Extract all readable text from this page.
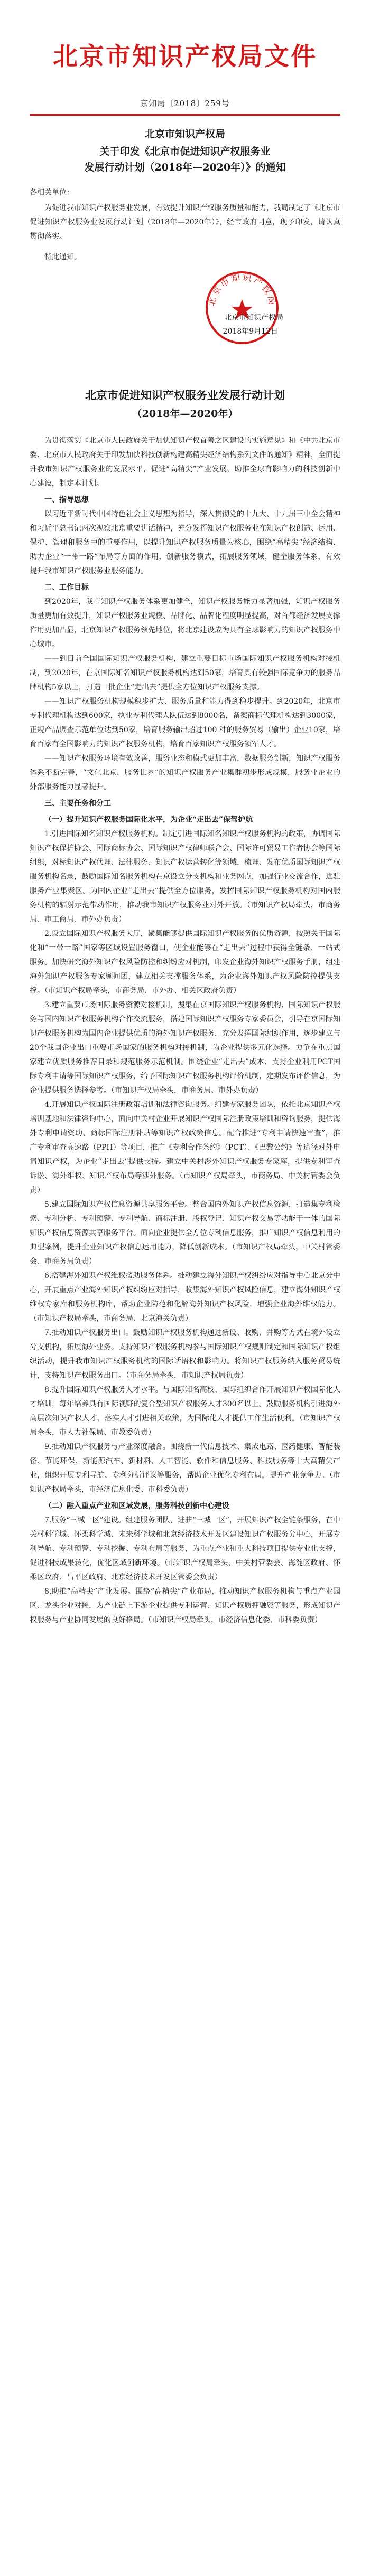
北京市知识产权局文件
京知局〔2018〕259号
北京市知识产权局
关于印发《北京市促进知识产权服务业
发展行动计划（2018年—2020年）》的通知
各相关单位：

为促进我市知识产权服务业发展，有效提升知识产权服务质量和能力，我局制定了《北京市促进知识产权服务业发展行动计划（2018年—2020年）》，经市政府同意，现予印发，请认真贯彻落实。

特此通知。

北京市知识产权局
北京市知识产权局
2018年9月12日
北京市促进知识产权服务业发展行动计划
（2018年—2020年）

为贯彻落实《北京市人民政府关于加快知识产权首善之区建设的实施意见》和《中共北京市委、北京市人民政府关于印发加快科技创新构建高精尖经济结构系列文件的通知》精神，全面提升我市知识产权服务业的发展水平，促进“高精尖”产业发展，助推全球有影响力的科技创新中心建设，制定本计划。

一、指导思想

以习近平新时代中国特色社会主义思想为指导，深入贯彻党的十九大、十九届三中全会精神和习近平总书记两次视察北京重要讲话精神，充分发挥知识产权服务业在知识产权创造、运用、保护、管理和服务中的重要作用，以提升知识产权服务质量为核心，围绕“高精尖”经济结构、助力企业“一带一路”布局等方面的作用，创新服务模式，拓展服务领域，健全服务体系，有效提升我市知识产权服务业服务能力。

二、工作目标

到2020年，我市知识产权服务体系更加健全，知识产权服务能力显著加强，知识产权服务质量更加有效提升，知识产权服务业规模、品牌化、品牌化程度明显提高，对首都经济发展支撑作用更加凸显，北京知识产权服务领先地位，将北京建设成为具有全球影响力的知识产权服务中心城市。

——到目前全国国际知识产权服务机构，建立重要目标市场国际知识产权服务机构对接机制，到2020年，在京国际知名知识产权服务机构达到50家，培育具有较强国际竞争力的服务品牌机构5家以上，打造一批企业“走出去”提供全方位知识产权服务支撑。

——知识产权服务机构规模稳步扩大、服务质量和能力得到稳步提升。到2020年，北京市专利代理机构达到600家，执业专利代理人队伍达到8000名，备案商标代理机构达到3000家，正规产品调查示范单位达到50家，培育服务输出超过100 种的服务贸易（输出）企业10家，培育百家有全国影响力的知识产权服务机构，培育百家知识产权服务领军人才。

——知识产权服务环境有效改善，服务业态和模式更加丰富，数据服务创新，知识产权服务体系不断完善，“文化北京，服务世界”的知识产权服务产业集群初步形成规模，服务业企业的外部服务能力显著提升。

三、主要任务和分工
（一）提升知识产权服务国际化水平，为企业“走出去”保驾护航

1.引进国际知名知识产权服务机构。制定引进国际知名知识产权服务机构的政策，协调国际知识产权保护协会、国际商标协会、国际知识产权律师联合会、国际许可贸易工作者协会等国际组织，对标知识产权代理、法律服务、知识产权运营转化等领域，梳理、发布优质国际知识产权服务机构名录，鼓励国际知名服务机构在京设立分支机构和业务网点，加强行业交流合作，进驻服务产业集聚区。为国内企业“走出去”提供全方位服务，发挥国际知识产权服务机构对国内服务机构的辐射示范带动作用，推动我市知识产权服务业对外开放。（市知识产权局牵头，市商务局、市工商局、市外办负责）

2.设立国际知识产权服务大厅，聚集能够提供国际知识产权服务的优质资源，按照关于国际化和“一带一路”国家等区域设置服务窗口，使企业能够在“走出去”过程中获得全链条、一站式服务。加快研究海外知识产权风险防控和纠纷应对机制，印发企业海外知识产权服务手册，组建海外知识产权服务专家顾问团，建立相关支撑服务体系，为企业海外知识产权风险防控提供支撑。（市知识产权局牵头，市商务局、市外办、相关区政府负责）

3.建立重要市场国际服务资源对接机制，搜集在京国际知识产权服务机构、国际知识产权服务与国内知识产权服务机构合作交流服务，搭建国际知识产权服务专家委员会，引导在京国际知识产权服务机构为国内企业提供优质的海外知识产权服务，充分发挥国际组织作用，逐步建立与20个我国企业出口重要市场国家的服务机构对接机制，为企业提供多元化选择。力争在重点国家建立优质服务推荐目录和规范服务示范机制。围绕企业“走出去”成本、支持企业利用PCT国际专利申请等国际知识产权服务，给予国际知识产权服务机构评价机制，定期发布评价信息，为企业提供服务选择参考。（市知识产权局牵头，市商务局、市外办负责）

4.开展知识产权国际注册政策培训和法律咨询服务。组建专家服务团队，依托北京知识产权培训基地和法律咨询中心，面向中关村企业开展知识产权国际注册政策培训和咨询服务，提供海外专利申请资助、商标国际注册补贴等知识产权政策信息。配合推进“专利申请快速审查”，推广专利审查高速路（PPH）等项目，推广《专利合作条约》（PCT）、《巴黎公约》等途径对外申请知识产权，为企业“走出去”提供支持。建立中关村涉外知识产权服务专家库，提供专利审查诉讼、海外维权、知识产权布局等涉外服务。（市知识产权局牵头，市商务局、中关村管委会负责）

5.建立国际知识产权信息资源共享服务平台。整合国内外知识产权信息资源，打造集专利检索、专利分析、专利预警、专利导航、商标注册、版权登记、知识产权交易等功能于一体的国际知识产权信息资源共享服务平台。面向企业提供全方位专利信息服务，推广知识产权信息利用的典型案例，提升企业知识产权信息运用能力，降低创新成本。（市知识产权局牵头，中关村管委会、市商务局负责）

6.搭建海外知识产权维权援助服务体系。推动建立海外知识产权纠纷应对指导中心北京分中心，开展重点产业海外知识产权纠纷应对指导，收集海外知识产权风险信息，建立海外知识产权维权专家库和服务机构库，帮助企业防范和化解海外知识产权风险，增强企业海外维权能力。（市知识产权局牵头，市商务局、北京海关负责）

7.推动知识产权服务出口。鼓励知识产权服务机构通过新设、收购、并购等方式在境外设立分支机构，拓展海外业务。支持知识产权服务机构参与国际知识产权规则制定和国际知识产权组织活动，提升我市知识产权服务机构的国际话语权和影响力。将知识产权服务纳入服务贸易统计，支持知识产权服务出口。（市商务局牵头，市知识产权局负责）

8.提升国际知识产权服务人才水平。与国际知名高校、国际组织合作开展知识产权国际化人才培训，每年培养具有国际视野的复合型知识产权服务人才300名以上。鼓励服务机构引进海外高层次知识产权人才，落实人才引进相关政策，为国际化人才提供工作生活便利。（市知识产权局牵头，市人力社保局、市教委负责）

9.推动知识产权服务与产业深度融合。围绕新一代信息技术、集成电路、医药健康、智能装备、节能环保、新能源汽车、新材料、人工智能、软件和信息服务、科技服务等十大高精尖产业，组织开展专利导航、专利分析评议等服务，帮助企业优化专利布局，提升产业竞争力。（市知识产权局牵头，市经济信息化委、市科委负责）

（二）融入重点产业和区域发展，服务科技创新中心建设

7.服务“三城一区”建设。组建服务团队，进驻“三城一区”，开展知识产权全链条服务，在中关村科学城、怀柔科学城、未来科学城和北京经济技术开发区建设知识产权服务分中心，开展专利导航、专利预警、专利挖掘、专利布局等服务，为重点产业和重大科技项目提供专业化支撑，促进科技成果转化，优化区域创新环境。（市知识产权局牵头，中关村管委会、海淀区政府、怀柔区政府、昌平区政府、北京经济技术开发区管委会负责）

8.助推“高精尖”产业发展。围绕“高精尖”产业布局，推动知识产权服务机构与重点产业园区、龙头企业对接，为产业链上下游企业提供专利运营、知识产权质押融资等服务，形成知识产权服务与产业协同发展的良好格局。（市知识产权局牵头，市经济信息化委、市科委负责）
